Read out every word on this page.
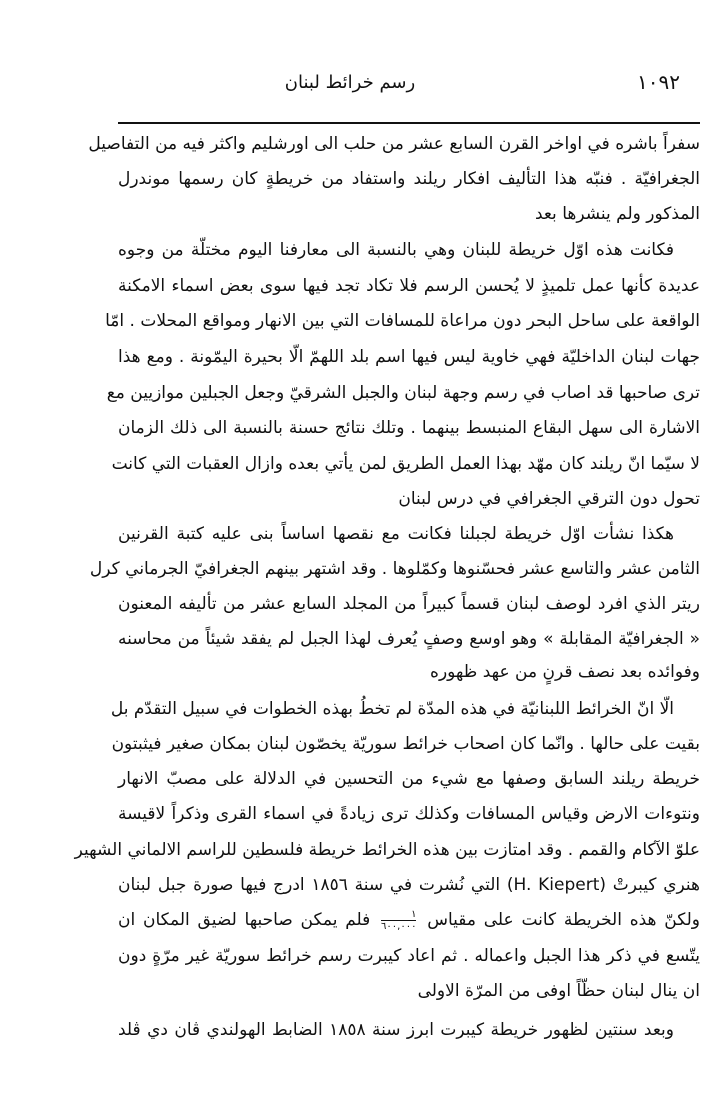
١٠٩٢
رسم خرائط لبنان
سفراً باشره في اواخر القرن السابع عشر من حلب الى اورشليم واكثر فيه من التفاصيل
الجغرافيّة . فنبّه هذا التأليف افكار ريلند واستفاد من خريطةٍ كان رسمها موندرل
المذكور ولم ينشرها بعد
فكانت هذه اوّل خريطة للبنان وهي بالنسبة الى معارفنا اليوم مختلّة من وجوه
عديدة كأنها عمل تلميذٍ لا يُحسن الرسم فلا تكاد تجد فيها سوى بعض اسماء الامكنة
الواقعة على ساحل البحر دون مراعاة للمسافات التي بين الانهار ومواقع المحلات . امّا
جهات لبنان الداخليّة فهي خاوية ليس فيها اسم بلد اللهمّ الّا بحيرة اليمّونة . ومع هذا
ترى صاحبها قد اصاب في رسم وجهة لبنان والجبل الشرقيّ وجعل الجبلين موازيين مع
الاشارة الى سهل البقاع المنبسط بينهما . وتلك نتائج حسنة بالنسبة الى ذلك الزمان
لا سيّما انّ ريلند كان مهّد بهذا العمل الطريق لمن يأتي بعده وازال العقبات التي كانت
تحول دون الترقي الجغرافي في درس لبنان
هكذا نشأت اوّل خريطة لجبلنا فكانت مع نقصها اساساً بنى عليه كتبة القرنين
الثامن عشر والتاسع عشر فحسّنوها وكمّلوها . وقد اشتهر بينهم الجغرافيّ الجرماني كرل
ريتر الذي افرد لوصف لبنان قسماً كبيراً من المجلد السابع عشر من تأليفه المعنون
« الجغرافيّة المقابلة » وهو اوسع وصفٍ يُعرف لهذا الجبل لم يفقد شيئاً من محاسنه
وفوائده بعد نصف قرنٍ من عهد ظهوره
الّا انّ الخرائط اللبنانيّة في هذه المدّة لم تخطُ بهذه الخطوات في سبيل التقدّم بل
بقيت على حالها . وانّما كان اصحاب خرائط سوريّة يخصّون لبنان بمكان صغير فيثبتون
خريطة ريلند السابق وصفها مع شيء من التحسين في الدلالة على مصبّ الانهار
ونتوءات الارض وقياس المسافات وكذلك ترى زيادةً في اسماء القرى وذكراً لاقيسة
علوّ الآكام والقمم . وقد امتازت بين هذه الخرائط خريطة فلسطين للراسم الالماني الشهير
هنري كيبرتْ (H. Kiepert) التي نُشرت في سنة ١٨٥٦ ادرج فيها صورة جبل لبنان
ولكنّ هذه الخريطة كانت على مقياس
$\frac{١}{٦٠٠,٠٠٠}$
فلم يمكن صاحبها لضيق المكان ان
يتّسع في ذكر هذا الجبل واعماله . ثم اعاد كيبرت رسم خرائط سوريّة غير مرّةٍ دون
ان ينال لبنان حظّاً اوفى من المرّة الاولى
وبعد سنتين لظهور خريطة كيبرت ابرز سنة ١٨٥٨ الضابط الهولندي ڤان دي ڤلد
